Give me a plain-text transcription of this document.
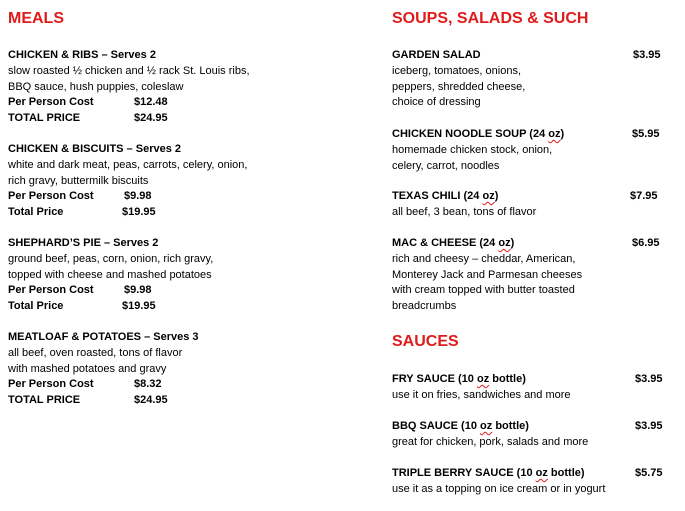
MEALS
CHICKEN & RIBS – Serves 2
slow roasted ½ chicken and ½ rack St. Louis ribs,
BBQ sauce, hush puppies, coleslaw
Per Person Cost	$12.48
TOTAL PRICE	$24.95
CHICKEN & BISCUITS – Serves 2
white and dark meat, peas, carrots, celery, onion,
rich gravy, buttermilk biscuits
Per Person Cost	$9.98
Total Price	$19.95
SHEPHARD’S PIE – Serves 2
ground beef, peas, corn, onion, rich gravy,
topped with cheese and mashed potatoes
Per Person Cost	$9.98
Total Price	$19.95
MEATLOAF & POTATOES – Serves 3
all beef, oven roasted, tons of flavor
with mashed potatoes and gravy
Per Person Cost	$8.32
TOTAL PRICE	$24.95
SOUPS, SALADS & SUCH
GARDEN SALAD	$3.95
iceberg, tomatoes, onions,
peppers, shredded cheese,
choice of dressing
CHICKEN NOODLE SOUP (24 oz)	$5.95
homemade chicken stock, onion,
celery, carrot, noodles
TEXAS CHILI (24 oz)	$7.95
all beef, 3 bean, tons of flavor
MAC & CHEESE (24 oz)	$6.95
rich and cheesy – cheddar, American,
Monterey Jack and Parmesan cheeses
with cream topped with butter toasted
breadcrumbs
SAUCES
FRY SAUCE (10 oz bottle)	$3.95
use it on fries, sandwiches and more
BBQ SAUCE (10 oz bottle)	$3.95
great for chicken, pork, salads and more
TRIPLE BERRY SAUCE (10 oz bottle)	$5.75
use it as a topping on ice cream or in yogurt
